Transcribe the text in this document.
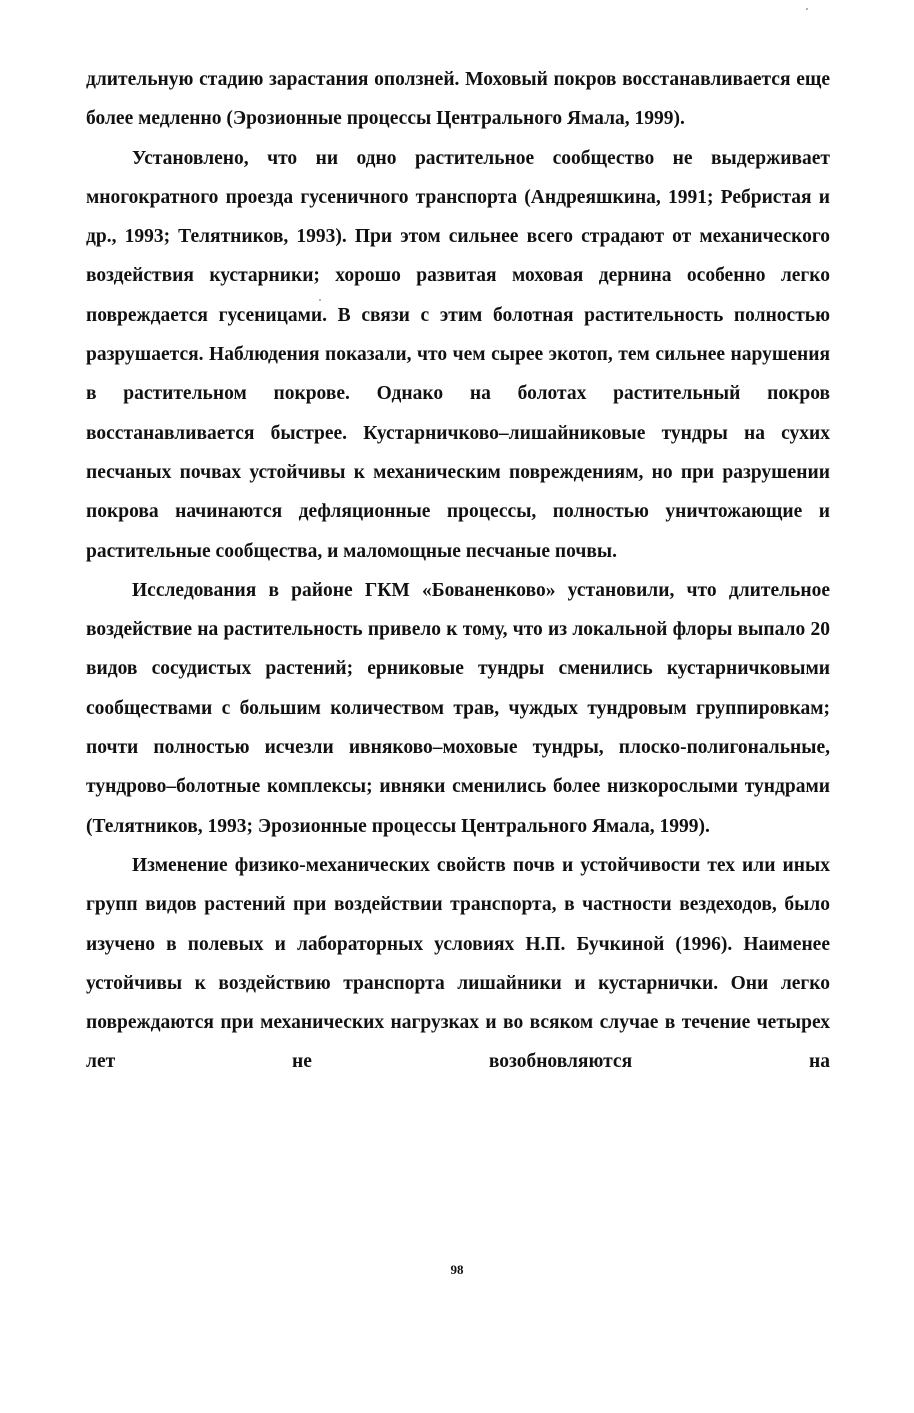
длительную стадию зарастания оползней. Моховый покров восстанавливается еще более медленно (Эрозионные процессы Центрального Ямала, 1999).

Установлено, что ни одно растительное сообщество не выдерживает многократного проезда гусеничного транспорта (Андреяшкина, 1991; Ребристая и др., 1993; Телятников, 1993). При этом сильнее всего страдают от механического воздействия кустарники; хорошо развитая моховая дернина особенно легко повреждается гусеницами. В связи с этим болотная растительность полностью разрушается. Наблюдения показали, что чем сырее экотоп, тем сильнее нарушения в растительном покрове. Однако на болотах растительный покров восстанавливается быстрее. Кустарничково–лишайниковые тундры на сухих песчаных почвах устойчивы к механическим повреждениям, но при разрушении покрова начинаются дефляционные процессы, полностью уничтожающие и растительные сообщества, и маломощные песчаные почвы.

Исследования в районе ГКМ «Бованенково» установили, что длительное воздействие на растительность привело к тому, что из локальной флоры выпало 20 видов сосудистых растений; ерниковые тундры сменились кустарничковыми сообществами с большим количеством трав, чуждых тундровым группировкам; почти полностью исчезли ивняково–моховые тундры, плоско-полигональные, тундрово–болотные комплексы; ивняки сменились более низкорослыми тундрами (Телятников, 1993; Эрозионные процессы Центрального Ямала, 1999).

Изменение физико-механических свойств почв и устойчивости тех или иных групп видов растений при воздействии транспорта, в частности вездеходов, было изучено в полевых и лабораторных условиях Н.П. Бучкиной (1996). Наименее устойчивы к воздействию транспорта лишайники и кустарнички. Они легко повреждаются при механических нагрузках и во всяком случае в течение четырех лет не возобновляются на

98
